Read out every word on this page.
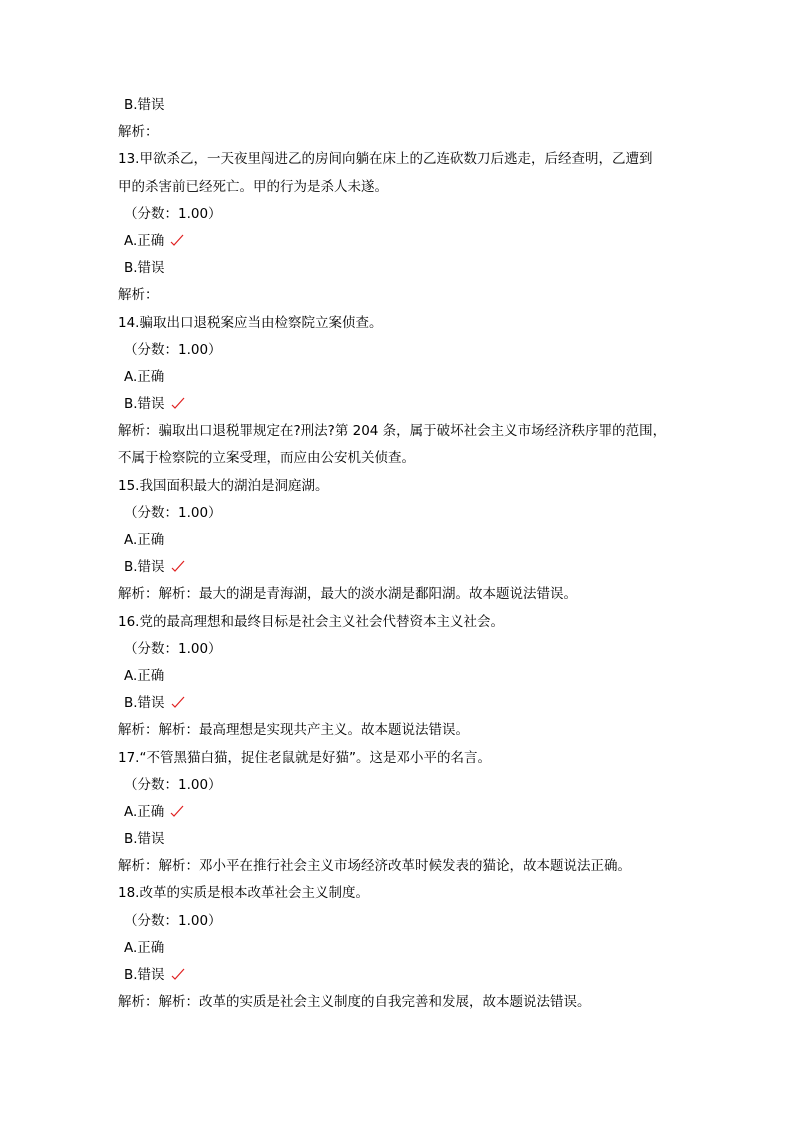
B.错误
解析：
13.甲欲杀乙，一天夜里闯进乙的房间向躺在床上的乙连砍数刀后逃走，后经查明，乙遭到
甲的杀害前已经死亡。甲的行为是杀人未遂。
（分数：1.00）
A.正确
B.错误
解析：
14.骗取出口退税案应当由检察院立案侦查。
（分数：1.00）
A.正确
B.错误
解析：骗取出口退税罪规定在?刑法?第 204 条，属于破坏社会主义市场经济秩序罪的范围，
不属于检察院的立案受理，而应由公安机关侦查。
15.我国面积最大的湖泊是洞庭湖。
（分数：1.00）
A.正确
B.错误
解析：解析：最大的湖是青海湖，最大的淡水湖是鄱阳湖。故本题说法错误。
16.党的最高理想和最终目标是社会主义社会代替资本主义社会。
（分数：1.00）
A.正确
B.错误
解析：解析：最高理想是实现共产主义。故本题说法错误。
17.“不管黑猫白猫，捉住老鼠就是好猫”。这是邓小平的名言。
（分数：1.00）
A.正确
B.错误
解析：解析：邓小平在推行社会主义市场经济改革时候发表的猫论，故本题说法正确。
18.改革的实质是根本改革社会主义制度。
（分数：1.00）
A.正确
B.错误
解析：解析：改革的实质是社会主义制度的自我完善和发展，故本题说法错误。
